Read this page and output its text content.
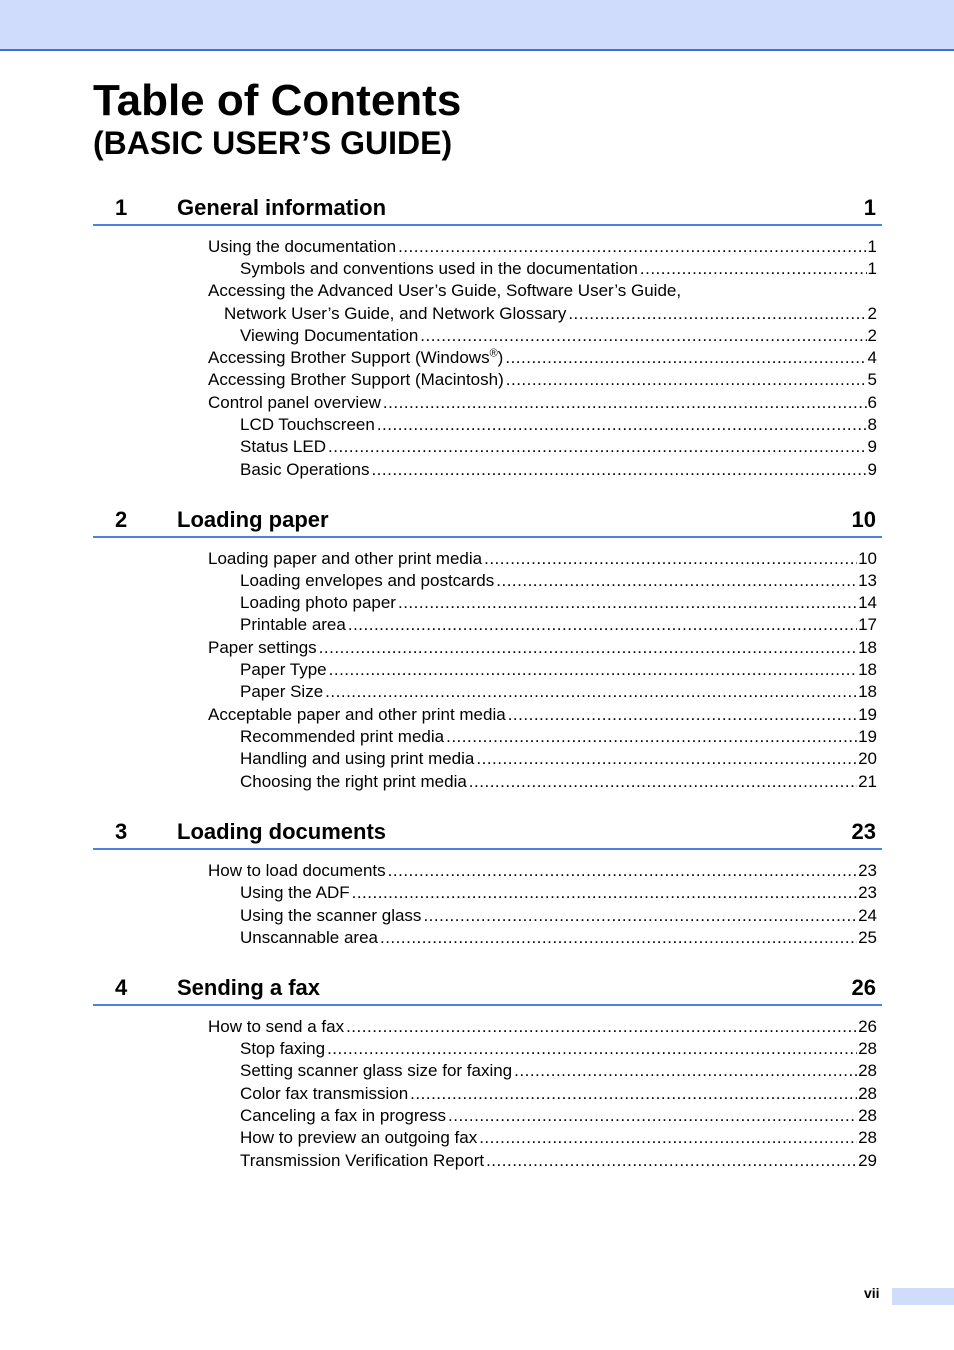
Table of Contents
(BASIC USER’S GUIDE)
1 General information	1
Using the documentation .....	1
Symbols and conventions used in the documentation .....	1
Accessing the Advanced User’s Guide, Software User’s Guide,
Network User’s Guide, and Network Glossary .....	2
Viewing Documentation .....	2
Accessing Brother Support (Windows®) .....	4
Accessing Brother Support (Macintosh) .....	5
Control panel overview .....	6
LCD Touchscreen .....	8
Status LED .....	9
Basic Operations .....	9
2 Loading paper	10
Loading paper and other print media .....	10
Loading envelopes and postcards .....	13
Loading photo paper .....	14
Printable area .....	17
Paper settings .....	18
Paper Type .....	18
Paper Size .....	18
Acceptable paper and other print media .....	19
Recommended print media .....	19
Handling and using print media .....	20
Choosing the right print media .....	21
3 Loading documents	23
How to load documents .....	23
Using the ADF .....	23
Using the scanner glass .....	24
Unscannable area .....	25
4 Sending a fax	26
How to send a fax .....	26
Stop faxing .....	28
Setting scanner glass size for faxing .....	28
Color fax transmission .....	28
Canceling a fax in progress .....	28
How to preview an outgoing fax .....	28
Transmission Verification Report .....	29
vii
